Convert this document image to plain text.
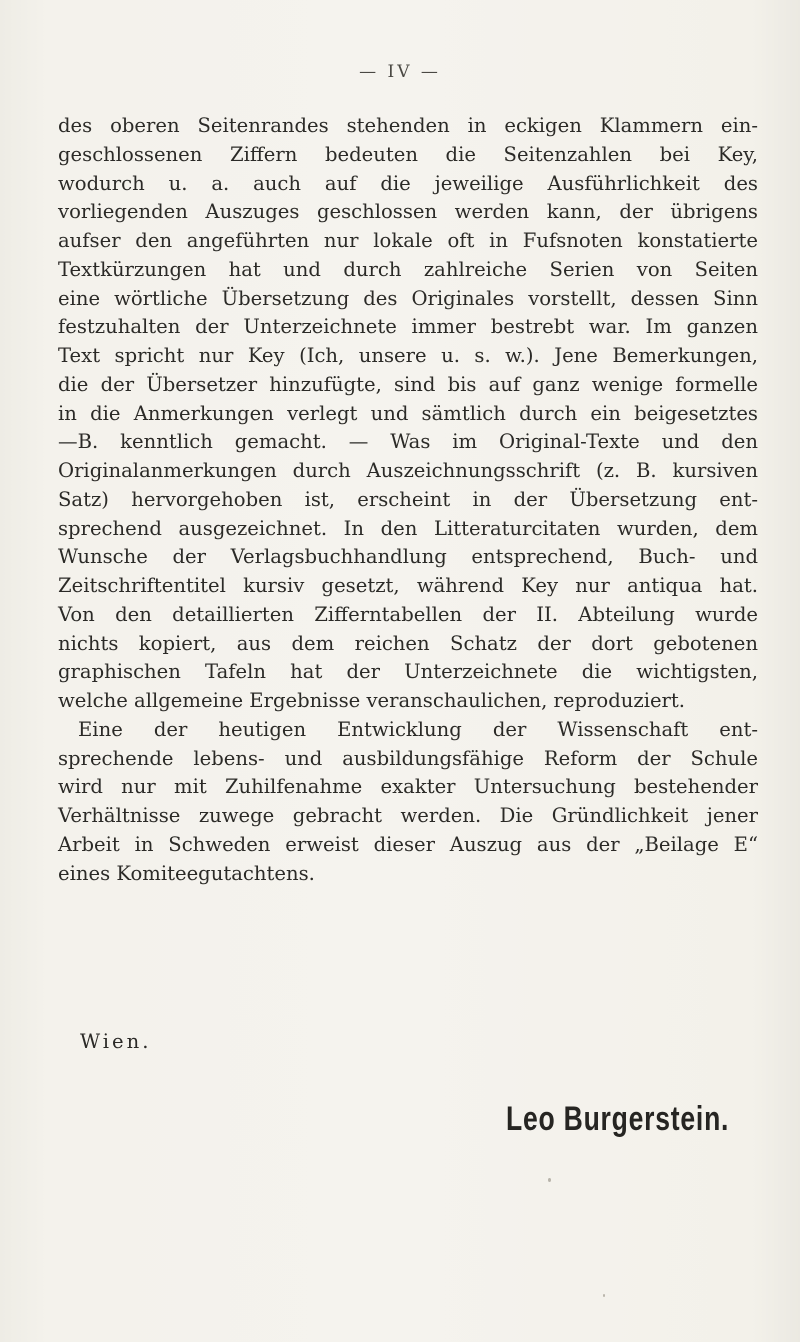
— IV —
des oberen Seitenrandes stehenden in eckigen Klammern ein-
geschlossenen Ziffern bedeuten die Seitenzahlen bei Key,
wodurch u. a. auch auf die jeweilige Ausführlichkeit des
vorliegenden Auszuges geschlossen werden kann, der übrigens
aufser den angeführten nur lokale oft in Fufsnoten konstatierte
Textkürzungen hat und durch zahlreiche Serien von Seiten
eine wörtliche Übersetzung des Originales vorstellt, dessen Sinn
festzuhalten der Unterzeichnete immer bestrebt war. Im ganzen
Text spricht nur Key (Ich, unsere u. s. w.). Jene Bemerkungen,
die der Übersetzer hinzufügte, sind bis auf ganz wenige formelle
in die Anmerkungen verlegt und sämtlich durch ein beigesetztes
—B. kenntlich gemacht. — Was im Original-Texte und den
Originalanmerkungen durch Auszeichnungsschrift (z. B. kursiven
Satz) hervorgehoben ist, erscheint in der Übersetzung ent-
sprechend ausgezeichnet. In den Litteraturcitaten wurden, dem
Wunsche der Verlagsbuchhandlung entsprechend, Buch- und
Zeitschriftentitel kursiv gesetzt, während Key nur antiqua hat.
Von den detaillierten Zifferntabellen der II. Abteilung wurde
nichts kopiert, aus dem reichen Schatz der dort gebotenen
graphischen Tafeln hat der Unterzeichnete die wichtigsten,
welche allgemeine Ergebnisse veranschaulichen, reproduziert.
Eine der heutigen Entwicklung der Wissenschaft ent-
sprechende lebens- und ausbildungsfähige Reform der Schule
wird nur mit Zuhilfenahme exakter Untersuchung bestehender
Verhältnisse zuwege gebracht werden. Die Gründlichkeit jener
Arbeit in Schweden erweist dieser Auszug aus der „Beilage E“
eines Komiteegutachtens.
Wien.
Leo Burgerstein.
